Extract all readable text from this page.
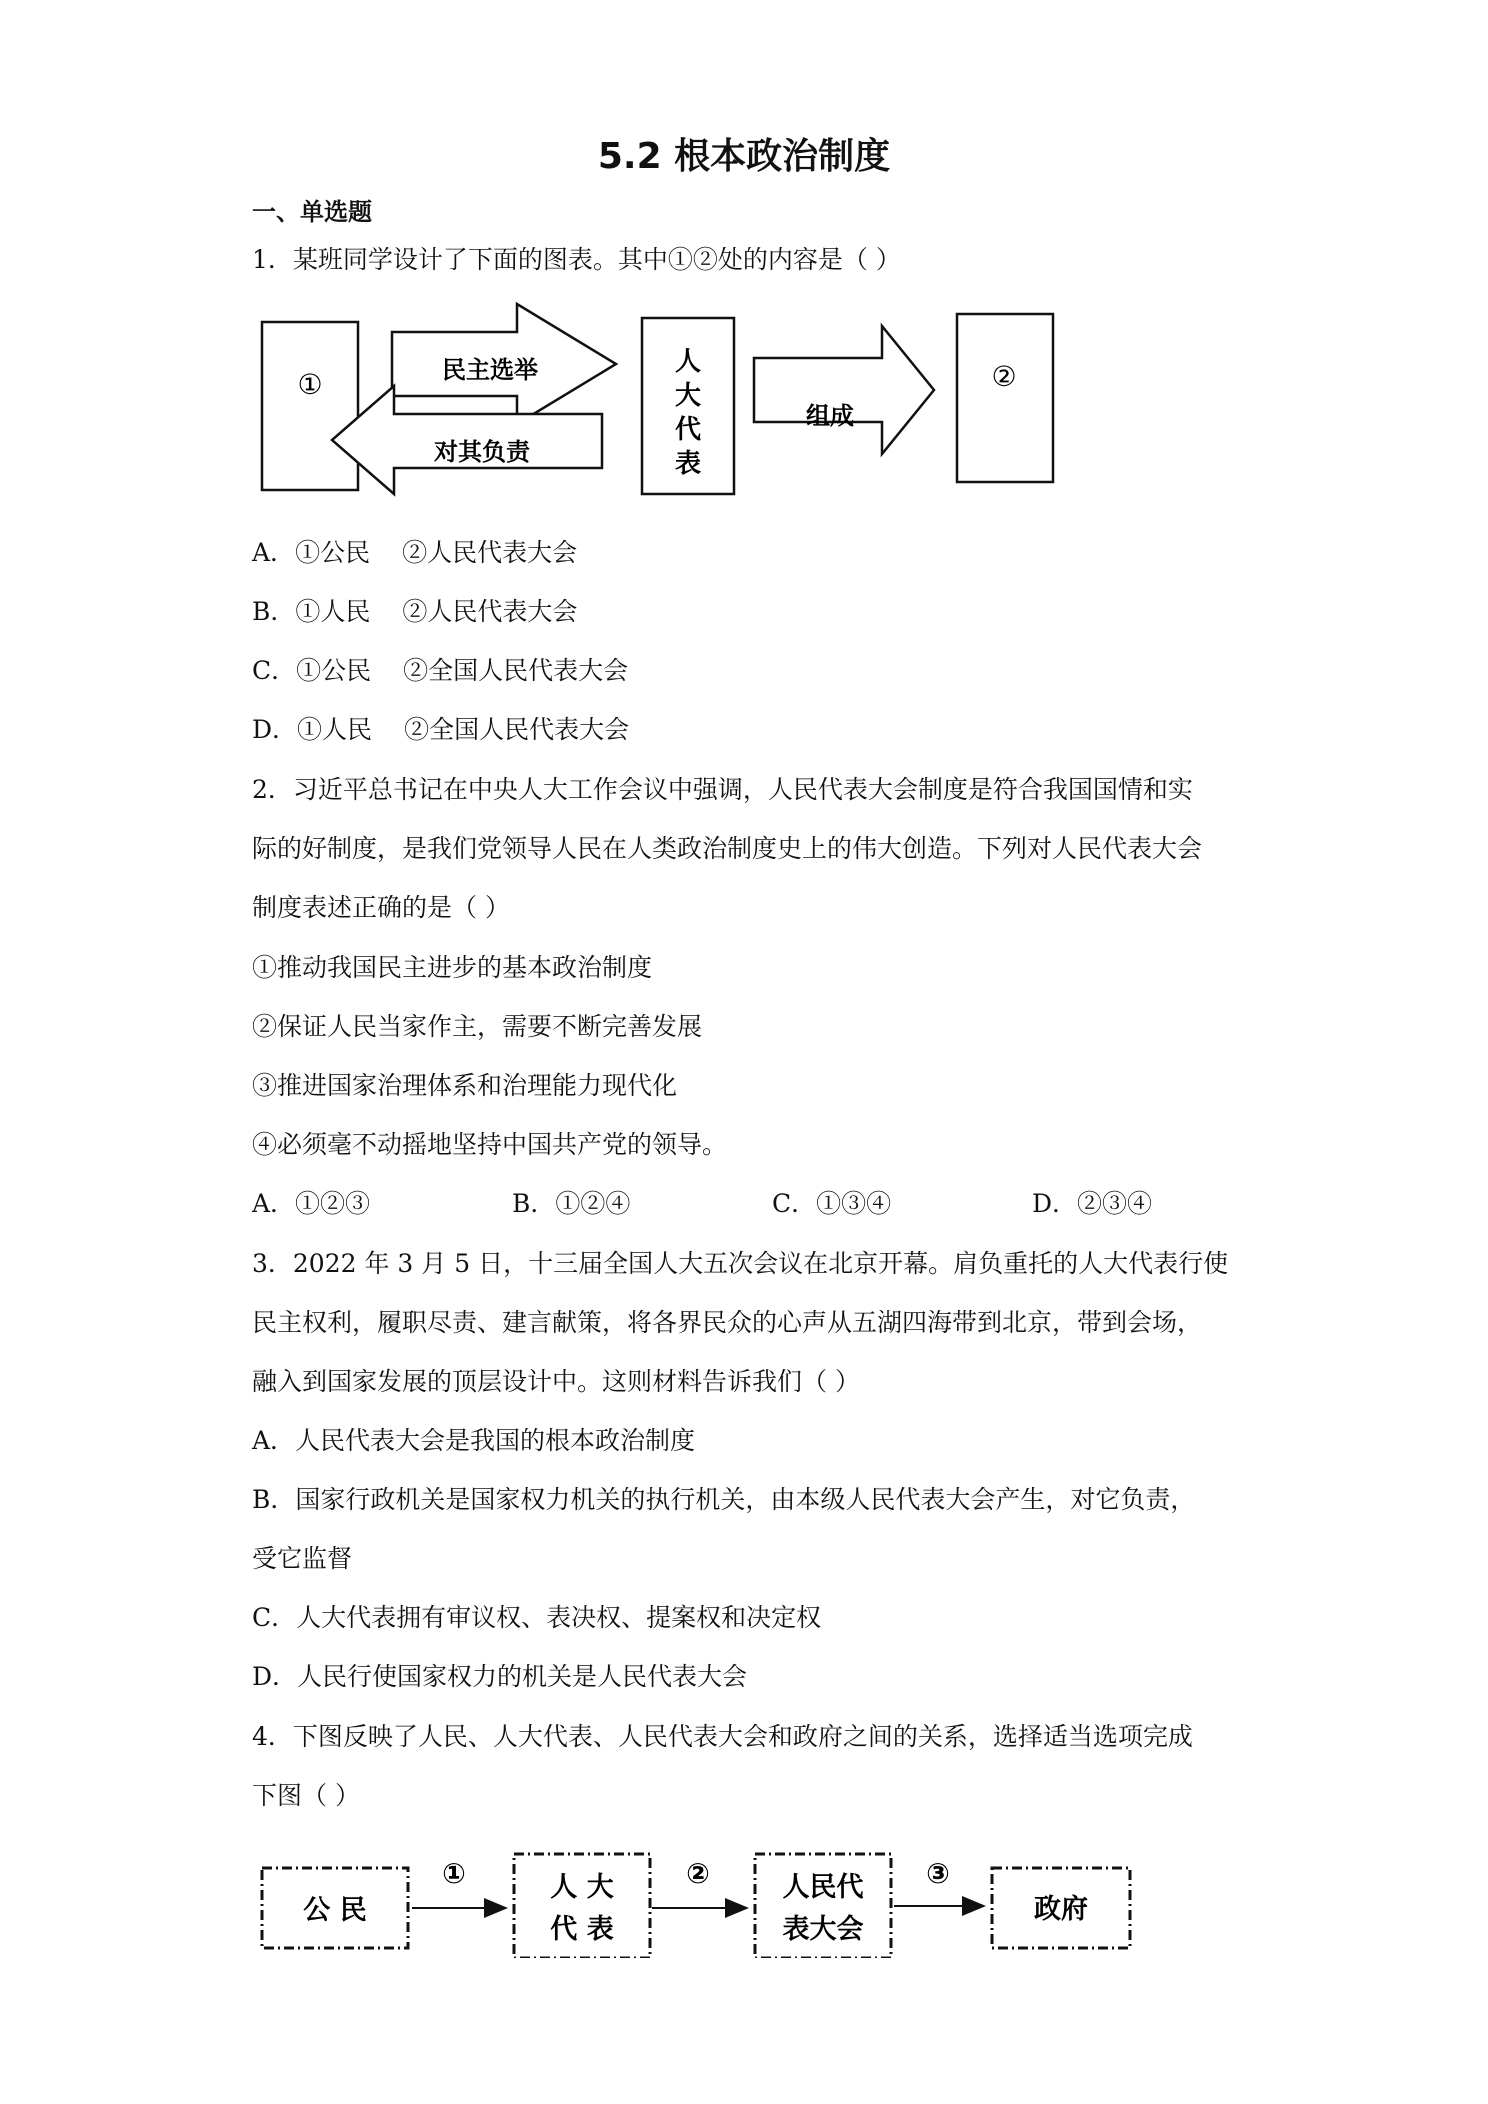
5.2 根本政治制度
一、单选题
1．某班同学设计了下面的图表。其中①②处的内容是（ ）
①	民主选举
对其负责
人
大
代
表
组成
②
A．①公民 ②人民代表大会
B．①人民 ②人民代表大会
C．①公民 ②全国人民代表大会
D．①人民 ②全国人民代表大会
2．习近平总书记在中央人大工作会议中强调，人民代表大会制度是符合我国国情和实
际的好制度，是我们党领导人民在人类政治制度史上的伟大创造。下列对人民代表大会
制度表述正确的是（ ）
①推动我国民主进步的基本政治制度
②保证人民当家作主，需要不断完善发展
③推进国家治理体系和治理能力现代化
④必须毫不动摇地坚持中国共产党的领导。
A．①②③	B．①②④	C．①③④	D．②③④
3．2022 年 3 月 5 日，十三届全国人大五次会议在北京开幕。肩负重托的人大代表行使
民主权利，履职尽责、建言献策，将各界民众的心声从五湖四海带到北京，带到会场，
融入到国家发展的顶层设计中。这则材料告诉我们（ ）
A．人民代表大会是我国的根本政治制度
B．国家行政机关是国家权力机关的执行机关，由本级人民代表大会产生，对它负责，
受它监督
C．人大代表拥有审议权、表决权、提案权和决定权
D．人民行使国家权力的机关是人民代表大会
4．下图反映了人民、人大代表、人民代表大会和政府之间的关系，选择适当选项完成
下图（ ）
公 民
①	人 大
代 表
②	人民代
表大会
③
政府
